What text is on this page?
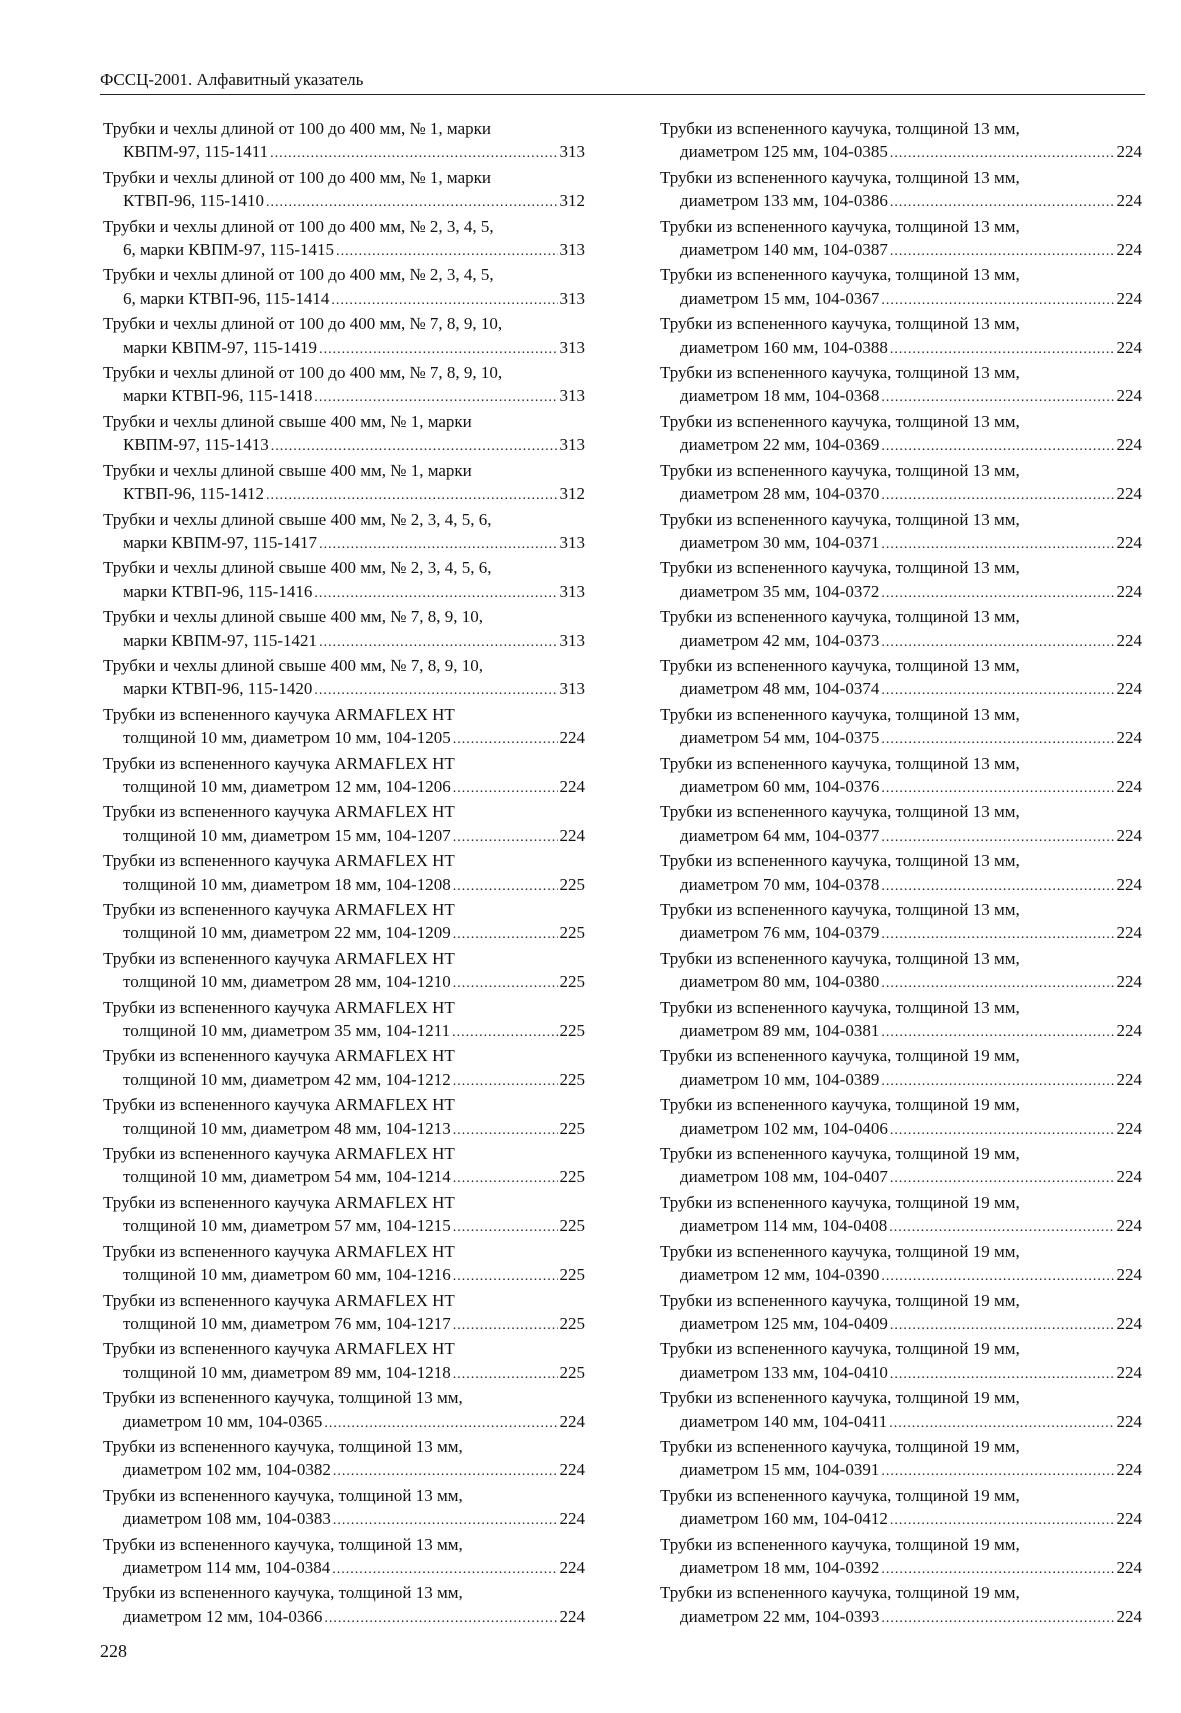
ФССЦ-2001. Алфавитный указатель
Трубки и чехлы длиной от 100 до 400 мм, № 1, марки
КВПМ-97, 115-1411 .....	313
Трубки и чехлы длиной от 100 до 400 мм, № 1, марки
КТВП-96, 115-1410 .....	312
Трубки и чехлы длиной от 100 до 400 мм, № 2, 3, 4, 5,
6, марки КВПМ-97, 115-1415 .....	313
Трубки и чехлы длиной от 100 до 400 мм, № 2, 3, 4, 5,
6, марки КТВП-96, 115-1414 .....	313
Трубки и чехлы длиной от 100 до 400 мм, № 7, 8, 9, 10,
марки КВПМ-97, 115-1419 .....	313
Трубки и чехлы длиной от 100 до 400 мм, № 7, 8, 9, 10,
марки КТВП-96, 115-1418 .....	313
Трубки и чехлы длиной свыше 400 мм, № 1, марки
КВПМ-97, 115-1413 .....	313
Трубки и чехлы длиной свыше 400 мм, № 1, марки
КТВП-96, 115-1412 .....	312
Трубки и чехлы длиной свыше 400 мм, № 2, 3, 4, 5, 6,
марки КВПМ-97, 115-1417 .....	313
Трубки и чехлы длиной свыше 400 мм, № 2, 3, 4, 5, 6,
марки КТВП-96, 115-1416 .....	313
Трубки и чехлы длиной свыше 400 мм, № 7, 8, 9, 10,
марки КВПМ-97, 115-1421 .....	313
Трубки и чехлы длиной свыше 400 мм, № 7, 8, 9, 10,
марки КТВП-96, 115-1420 .....	313
Трубки из вспененного каучука ARMAFLEX HT
толщиной 10 мм, диаметром 10 мм, 104-1205 .....	224
Трубки из вспененного каучука ARMAFLEX HT
толщиной 10 мм, диаметром 12 мм, 104-1206 .....	224
Трубки из вспененного каучука ARMAFLEX HT
толщиной 10 мм, диаметром 15 мм, 104-1207 .....	224
Трубки из вспененного каучука ARMAFLEX HT
толщиной 10 мм, диаметром 18 мм, 104-1208 .....	225
Трубки из вспененного каучука ARMAFLEX HT
толщиной 10 мм, диаметром 22 мм, 104-1209 .....	225
Трубки из вспененного каучука ARMAFLEX HT
толщиной 10 мм, диаметром 28 мм, 104-1210 .....	225
Трубки из вспененного каучука ARMAFLEX HT
толщиной 10 мм, диаметром 35 мм, 104-1211 .....	225
Трубки из вспененного каучука ARMAFLEX HT
толщиной 10 мм, диаметром 42 мм, 104-1212 .....	225
Трубки из вспененного каучука ARMAFLEX HT
толщиной 10 мм, диаметром 48 мм, 104-1213 .....	225
Трубки из вспененного каучука ARMAFLEX HT
толщиной 10 мм, диаметром 54 мм, 104-1214 .....	225
Трубки из вспененного каучука ARMAFLEX HT
толщиной 10 мм, диаметром 57 мм, 104-1215 .....	225
Трубки из вспененного каучука ARMAFLEX HT
толщиной 10 мм, диаметром 60 мм, 104-1216 .....	225
Трубки из вспененного каучука ARMAFLEX HT
толщиной 10 мм, диаметром 76 мм, 104-1217 .....	225
Трубки из вспененного каучука ARMAFLEX HT
толщиной 10 мм, диаметром 89 мм, 104-1218 .....	225
Трубки из вспененного каучука, толщиной 13 мм,
диаметром 10 мм, 104-0365 .....	224
Трубки из вспененного каучука, толщиной 13 мм,
диаметром 102 мм, 104-0382 .....	224
Трубки из вспененного каучука, толщиной 13 мм,
диаметром 108 мм, 104-0383 .....	224
Трубки из вспененного каучука, толщиной 13 мм,
диаметром 114 мм, 104-0384 .....	224
Трубки из вспененного каучука, толщиной 13 мм,
диаметром 12 мм, 104-0366 .....	224
Трубки из вспененного каучука, толщиной 13 мм,
диаметром 125 мм, 104-0385 .....	224
Трубки из вспененного каучука, толщиной 13 мм,
диаметром 133 мм, 104-0386 .....	224
Трубки из вспененного каучука, толщиной 13 мм,
диаметром 140 мм, 104-0387 .....	224
Трубки из вспененного каучука, толщиной 13 мм,
диаметром 15 мм, 104-0367 .....	224
Трубки из вспененного каучука, толщиной 13 мм,
диаметром 160 мм, 104-0388 .....	224
Трубки из вспененного каучука, толщиной 13 мм,
диаметром 18 мм, 104-0368 .....	224
Трубки из вспененного каучука, толщиной 13 мм,
диаметром 22 мм, 104-0369 .....	224
Трубки из вспененного каучука, толщиной 13 мм,
диаметром 28 мм, 104-0370 .....	224
Трубки из вспененного каучука, толщиной 13 мм,
диаметром 30 мм, 104-0371 .....	224
Трубки из вспененного каучука, толщиной 13 мм,
диаметром 35 мм, 104-0372 .....	224
Трубки из вспененного каучука, толщиной 13 мм,
диаметром 42 мм, 104-0373 .....	224
Трубки из вспененного каучука, толщиной 13 мм,
диаметром 48 мм, 104-0374 .....	224
Трубки из вспененного каучука, толщиной 13 мм,
диаметром 54 мм, 104-0375 .....	224
Трубки из вспененного каучука, толщиной 13 мм,
диаметром 60 мм, 104-0376 .....	224
Трубки из вспененного каучука, толщиной 13 мм,
диаметром 64 мм, 104-0377 .....	224
Трубки из вспененного каучука, толщиной 13 мм,
диаметром 70 мм, 104-0378 .....	224
Трубки из вспененного каучука, толщиной 13 мм,
диаметром 76 мм, 104-0379 .....	224
Трубки из вспененного каучука, толщиной 13 мм,
диаметром 80 мм, 104-0380 .....	224
Трубки из вспененного каучука, толщиной 13 мм,
диаметром 89 мм, 104-0381 .....	224
Трубки из вспененного каучука, толщиной 19 мм,
диаметром 10 мм, 104-0389 .....	224
Трубки из вспененного каучука, толщиной 19 мм,
диаметром 102 мм, 104-0406 .....	224
Трубки из вспененного каучука, толщиной 19 мм,
диаметром 108 мм, 104-0407 .....	224
Трубки из вспененного каучука, толщиной 19 мм,
диаметром 114 мм, 104-0408 .....	224
Трубки из вспененного каучука, толщиной 19 мм,
диаметром 12 мм, 104-0390 .....	224
Трубки из вспененного каучука, толщиной 19 мм,
диаметром 125 мм, 104-0409 .....	224
Трубки из вспененного каучука, толщиной 19 мм,
диаметром 133 мм, 104-0410 .....	224
Трубки из вспененного каучука, толщиной 19 мм,
диаметром 140 мм, 104-0411 .....	224
Трубки из вспененного каучука, толщиной 19 мм,
диаметром 15 мм, 104-0391 .....	224
Трубки из вспененного каучука, толщиной 19 мм,
диаметром 160 мм, 104-0412 .....	224
Трубки из вспененного каучука, толщиной 19 мм,
диаметром 18 мм, 104-0392 .....	224
Трубки из вспененного каучука, толщиной 19 мм,
диаметром 22 мм, 104-0393 .....	224
228
